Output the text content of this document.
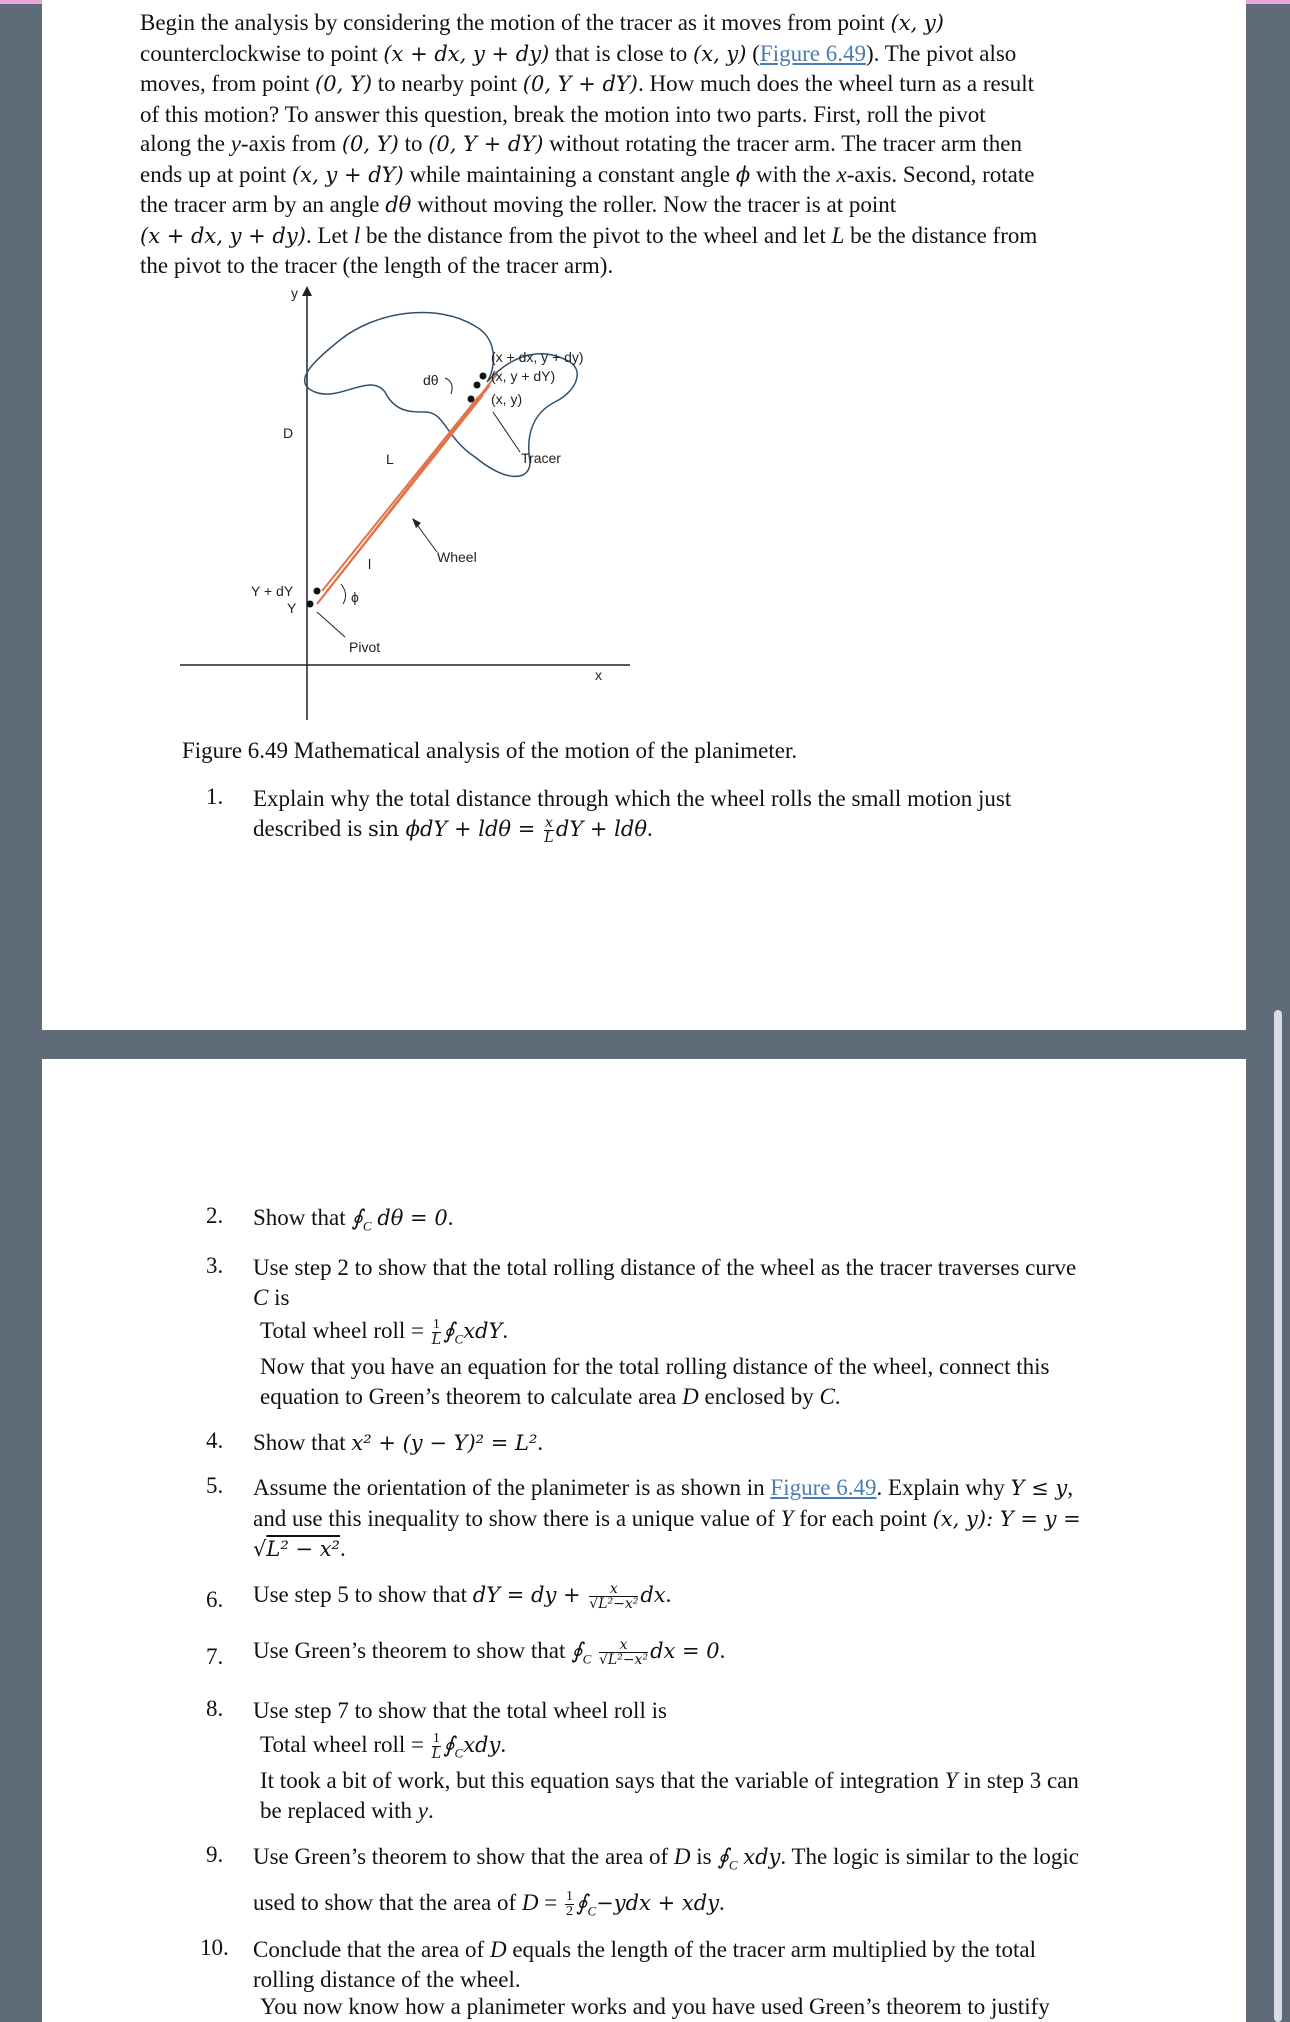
Begin the analysis by considering the motion of the tracer as it moves from point (x, y)
counterclockwise to point (x + dx, y + dy) that is close to (x, y) (Figure 6.49). The pivot also
moves, from point (0, Y) to nearby point (0, Y + dY). How much does the wheel turn as a result
of this motion? To answer this question, break the motion into two parts. First, roll the pivot
along the y-axis from (0, Y) to (0, Y + dY) without rotating the tracer arm. The tracer arm then
ends up at point (x, y + dY) while maintaining a constant angle ϕ with the x-axis. Second, rotate
the tracer arm by an angle dθ without moving the roller. Now the tracer is at point
(x + dx, y + dy). Let l be the distance from the pivot to the wheel and let L be the distance from
the pivot to the tracer (the length of the tracer arm).
y
x
D
(x + dx, y + dy)
(x, y + dY)
(x, y)
dθ
Tracer
Wheel
L
l
ϕ
Y + dY
Y
Pivot
Figure 6.49 Mathematical analysis of the motion of the planimeter.
1. Explain why the total distance through which the wheel rolls the small motion just
described is $\sin \phi dY + ld\theta = \frac{x}{L}$ dY + ldθ.
2. Show that $∮_C$ dθ = 0.
3. Use step 2 to show that the total rolling distance of the wheel as the tracer traverses curve
C is
Total wheel roll = $\frac{1}{L}$ $∮_CxdY$.
Now that you have an equation for the total rolling distance of the wheel, connect this
equation to Green’s theorem to calculate area D enclosed by C.
4. Show that x² + (y − Y)² = L².
5. Assume the orientation of the planimeter is as shown in Figure 6.49. Explain why Y ≤ y,
and use this inequality to show there is a unique value of Y for each point (x, y): Y = y =
√L² − x².
6. Use step 5 to show that dY = dy + $\frac{x}{\text{√L²−x²}}$ dx.
7. Use Green’s theorem to show that $∮_C \frac{x}{\text{√L²−x²}}$ dx = 0.
8. Use step 7 to show that the total wheel roll is
Total wheel roll = $\frac{1}{L}$ $∮_Cxdy$.
It took a bit of work, but this equation says that the variable of integration Y in step 3 can
be replaced with y.
9. Use Green’s theorem to show that the area of D is $∮_C$ xdy. The logic is similar to the logic
used to show that the area of $D = \frac{1}{2}$ $∮_C-ydx$ + xdy.
10. Conclude that the area of D equals the length of the tracer arm multiplied by the total
rolling distance of the wheel.
You now know how a planimeter works and you have used Green’s theorem to justify
